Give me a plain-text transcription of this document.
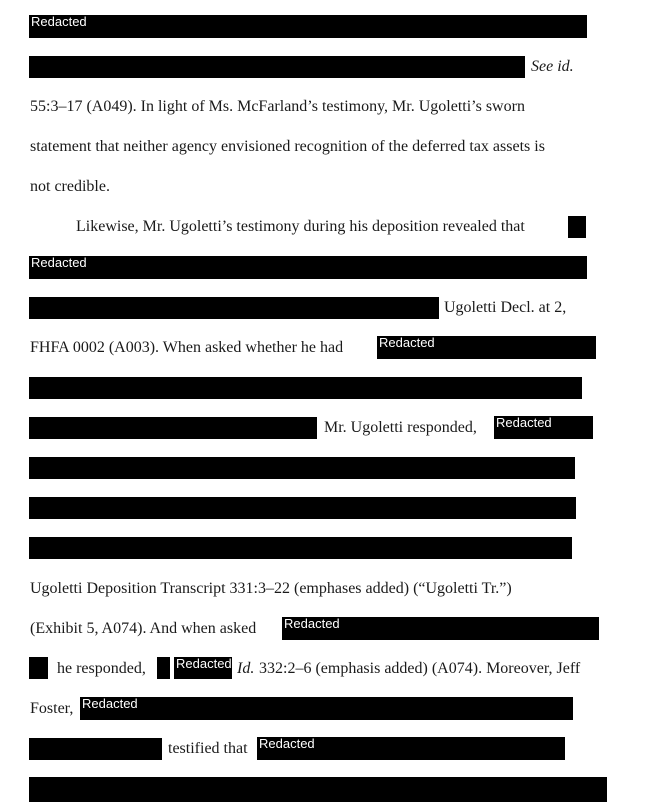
Redacted
See id.
55:3–17 (A049). In light of Ms. McFarland’s testimony, Mr. Ugoletti’s sworn
statement that neither agency envisioned recognition of the deferred tax assets is
not credible.
Likewise, Mr. Ugoletti’s testimony during his deposition revealed that
Redacted
Ugoletti Decl. at 2,
FHFA 0002 (A003). When asked whether he had	Redacted
Mr. Ugoletti responded, Redacted
Ugoletti Deposition Transcript 331:3–22 (emphases added) (“Ugoletti Tr.”)
(Exhibit 5, A074). And when asked Redacted
he responded, Redacted Id. 332:2–6 (emphasis added) (A074). Moreover, Jeff
Foster, Redacted
testified that Redacted
